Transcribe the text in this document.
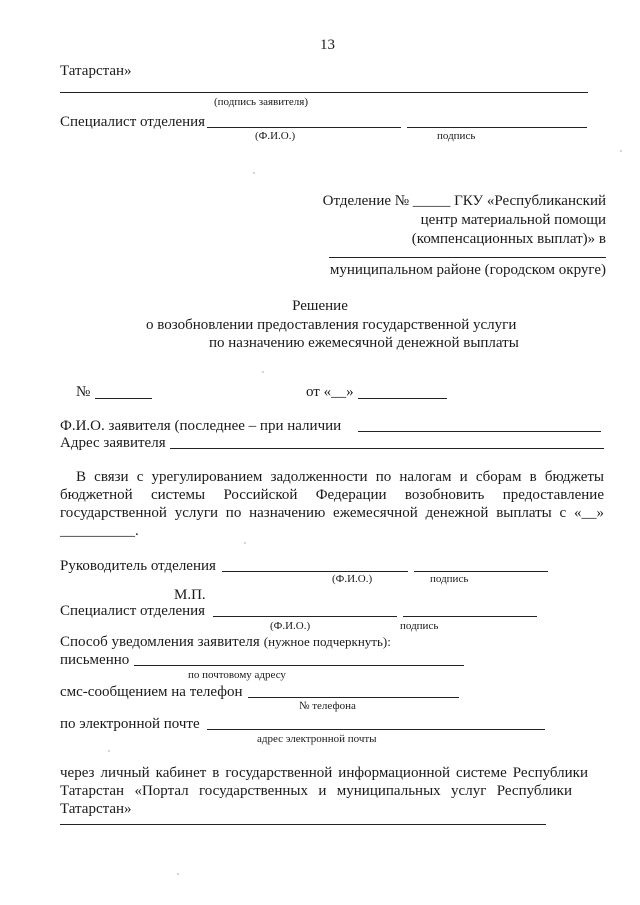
13
Татарстан»
(подпись заявителя)
Специалист отделения
(Ф.И.О.)	подпись
Отделение № _____ ГКУ «Республиканский
центр материальной помощи
(компенсационных выплат)» в
муниципальном районе (городском округе)
Решение
о возобновлении предоставления государственной услуги
по назначению ежемесячной денежной выплаты
№	от «__»
Ф.И.О. заявителя (последнее – при наличии
Адрес заявителя
В связи с урегулированием задолженности по налогам и сборам в бюджеты
бюджетной системы Российской Федерации возобновить предоставление
государственной услуги по назначению ежемесячной денежной выплаты с «__»
__________.
Руководитель отделения
(Ф.И.О.)	подпись
М.П.
Специалист отделения
(Ф.И.О.)	подпись
Способ уведомления заявителя (нужное подчеркнуть):
письменно
по почтовому адресу
смс-сообщением на телефон
№ телефона
по электронной почте
адрес электронной почты
через личный кабинет в государственной информационной системе Республики
Татарстан «Портал государственных и муниципальных услуг Республики
Татарстан»
